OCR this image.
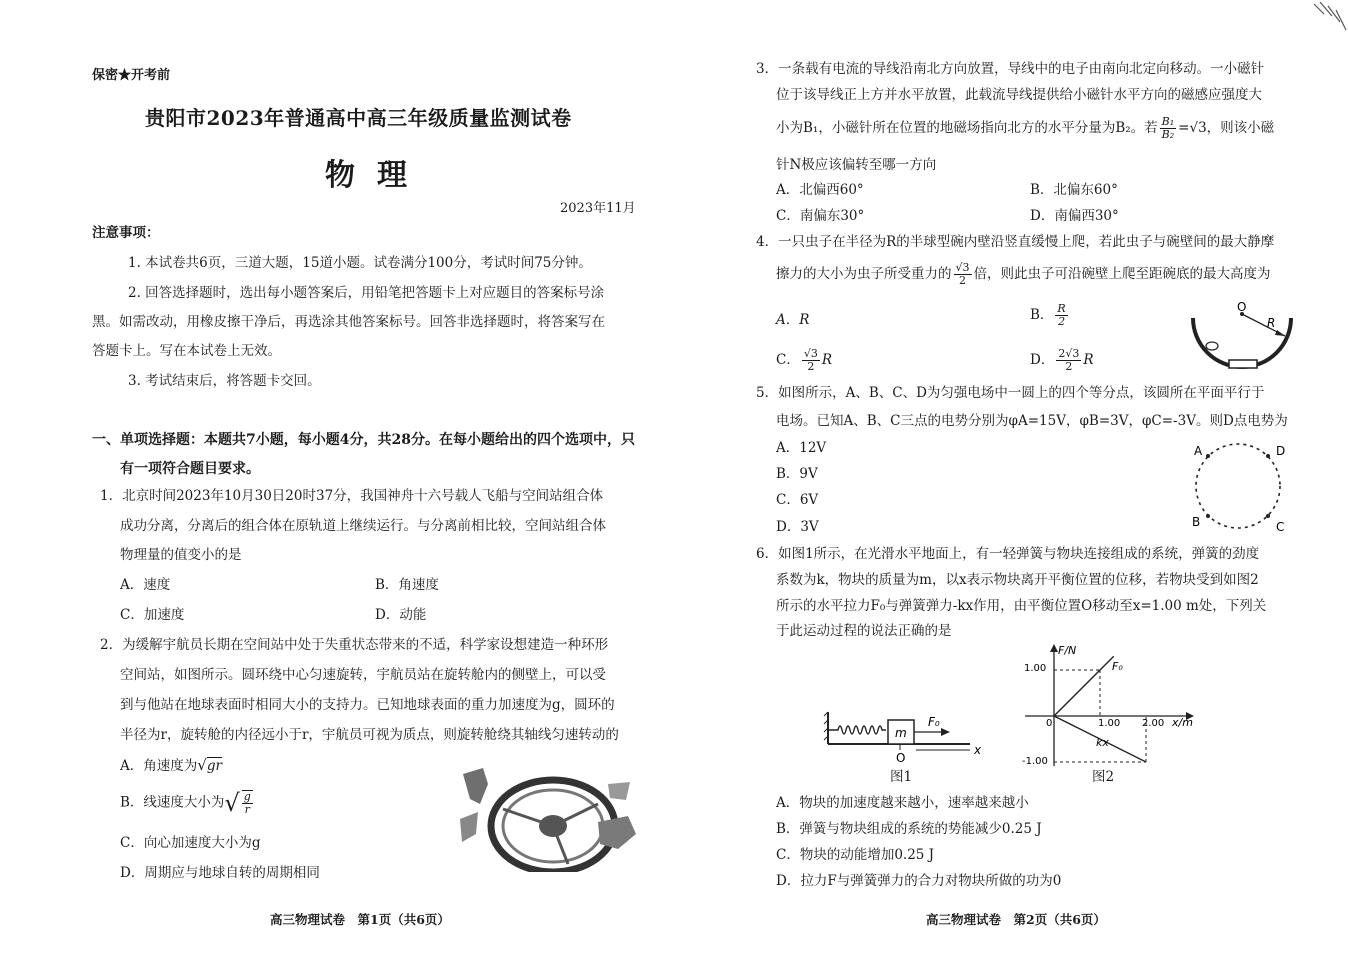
保密★开考前
贵阳市2023年普通高中高三年级质量监测试卷
物理
2023年11月
注意事项：
1. 本试卷共6页，三道大题，15道小题。试卷满分100分，考试时间75分钟。
2. 回答选择题时，选出每小题答案后，用铅笔把答题卡上对应题目的答案标号涂
黑。如需改动，用橡皮擦干净后，再选涂其他答案标号。回答非选择题时，将答案写在
答题卡上。写在本试卷上无效。
3. 考试结束后，将答题卡交回。
一、单项选择题：本题共7小题，每小题4分，共28分。在每小题给出的四个选项中，只
有一项符合题目要求。
1．北京时间2023年10月30日20时37分，我国神舟十六号载人飞船与空间站组合体
成功分离，分离后的组合体在原轨道上继续运行。与分离前相比较，空间站组合体
物理量的值变小的是
A．速度	B．角速度
C．加速度	D．动能
2．为缓解宇航员长期在空间站中处于失重状态带来的不适，科学家设想建造一种环形
空间站，如图所示。圆环绕中心匀速旋转，宇航员站在旋转舱内的侧壁上，可以受
到与他站在地球表面时相同大小的支持力。已知地球表面的重力加速度为g，圆环的
半径为r，旋转舱的内径远小于r，宇航员可视为质点，则旋转舱绕其轴线匀速转动的
A．角速度为√gr
B．线速度大小为√ $\frac{g}{r}$
C．向心加速度大小为g
D．周期应与地球自转的周期相同
高三物理试卷　第1页（共6页）
3．一条载有电流的导线沿南北方向放置，导线中的电子由南向北定向移动。一小磁针
位于该导线正上方并水平放置，此载流导线提供给小磁针水平方向的磁感应强度大
小为B₁，小磁针所在位置的地磁场指向北方的水平分量为B₂。若 $\frac{\text{B₁}}{\text{B₂}} =√3$，则该小磁
针N极应该偏转至哪一方向
A．北偏西60°	B．北偏东60°
C．南偏东30°	D．南偏西30°
4．一只虫子在半径为R的半球型碗内壁沿竖直缓慢上爬，若此虫子与碗壁间的最大静摩
擦力的大小为虫子所受重力的 $\frac{√3}{2}$ 倍，则此虫子可沿碗壁上爬至距碗底的最大高度为
A．R	B． $\frac{R}{2}$
C． $\frac{√3}{2}$ R	D． $\frac{2√3}{2}$ R
O
R
5．如图所示，A、B、C、D为匀强电场中一圆上的四个等分点，该圆所在平面平行于
电场。已知A、B、C三点的电势分别为φA=15V，φB=3V，φC=-3V。则D点电势为
A．12V
B．9V
C．6V
D．3V
A	D
B	C
6．如图1所示，在光滑水平地面上，有一轻弹簧与物块连接组成的系统，弹簧的劲度
系数为k，物块的质量为m，以x表示物块离开平衡位置的位移，若物块受到如图2
所示的水平拉力F₀与弹簧弹力-kx作用，由平衡位置O移动至x=1.00 m处，下列关
于此运动过程的说法正确的是
m
F₀
O
x
图1
F/N
x/m
1.00
-1.00
0	1.00 2.00
F₀
kx
图2
A．物块的加速度越来越小，速率越来越小
B．弹簧与物块组成的系统的势能减少0.25 J
C．物块的动能增加0.25 J
D．拉力F与弹簧弹力的合力对物块所做的功为0
高三物理试卷　第2页（共6页）
